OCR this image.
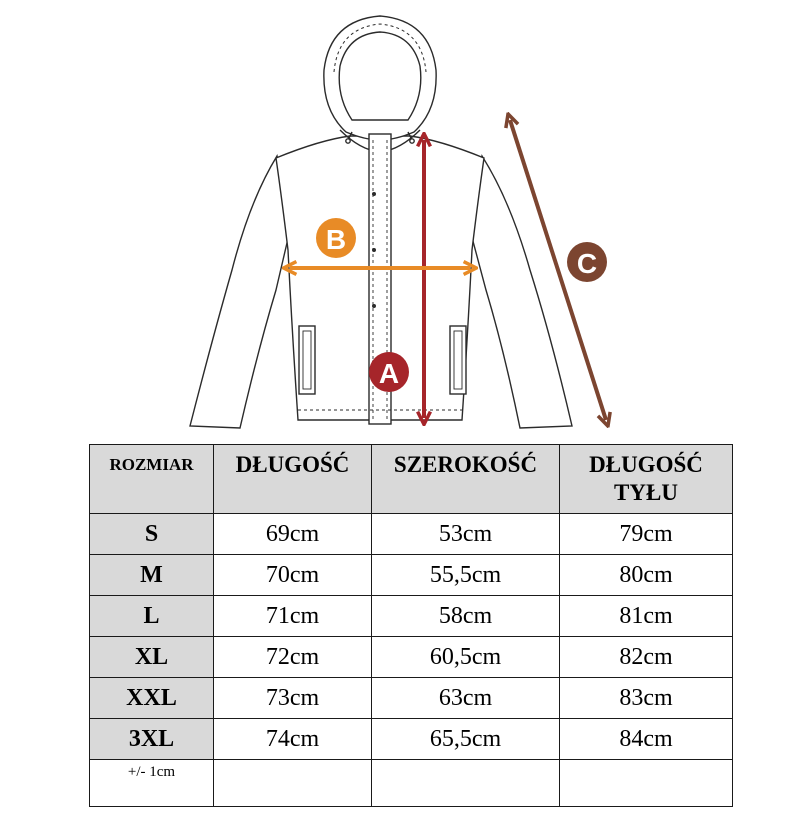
A
B
C
ROZMIAR	DŁUGOŚĆ	SZEROKOŚĆ	DŁUGOŚĆ TYŁU
S	69cm	53cm	79cm
M	70cm	55,5cm	80cm
L	71cm	58cm	81cm
XL	72cm	60,5cm	82cm
XXL	73cm	63cm	83cm
3XL	74cm	65,5cm	84cm
+/- 1cm			
